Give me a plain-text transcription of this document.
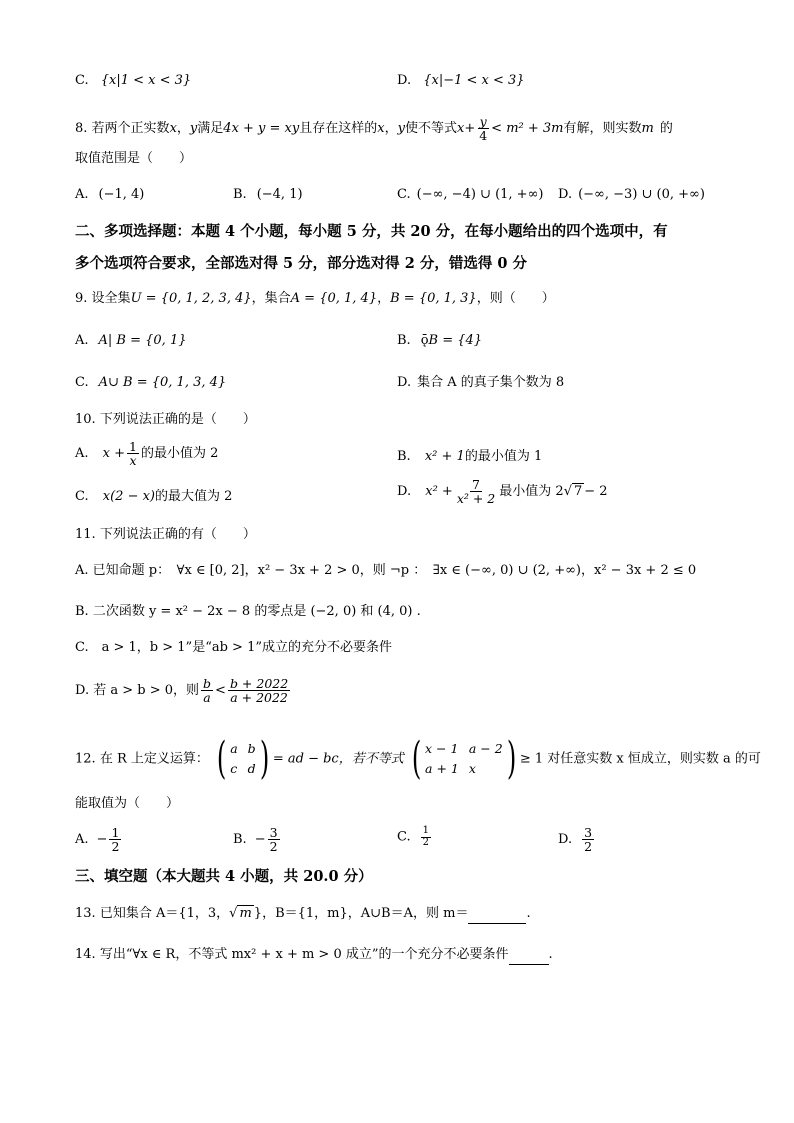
C. {x|1 < x < 3}	D. {x|−1 < x < 3}
8. 若两个正实数x，y满足4x + y = xy且存在这样的x，y使不等式$x+ \frac{y}{4} < m^2 + 3m$有解，则实数m 的
取值范围是（　　）
A. (−1, 4)	B. (−4, 1)	C. (−∞, −4) ∪ (1, +∞) D. (−∞, −3) ∪ (0, +∞)
二、多项选择题：本题 4 个小题，每小题 5 分，共 20 分，在每小题给出的四个选项中，有
多个选项符合要求，全部选对得 5 分，部分选对得 2 分，错选得 0 分
9. 设全集U = {0, 1, 2, 3, 4}，集合A = {0, 1, 4}，B = {0, 1, 3}，则（　　）
A. A| B = {0, 1}	B. ǭB = {4}
C. A∪ B = {0, 1, 3, 4}	D. 集合 A 的真子集个数为 8
10. 下列说法正确的是（　　）
A. $x + \frac{1}{x}$ 的最小值为 2	B. x² + 1的最小值为 1
C. x(2 − x)的最大值为 2	D. $x^2 + \frac{7}{\text{x² + 2}}$ 最小值为 2√ 7 − 2
11. 下列说法正确的有（　　）
A. 已知命题 p：　∀x ∈ [0, 2]，x² − 3x + 2 > 0，则 ¬p ：　∃x ∈ (−∞, 0) ∪ (2, +∞)，x² − 3x + 2 ≤ 0
B. 二次函数 y = x² − 2x − 8 的零点是 (−2, 0) 和 (4, 0) .
C.　a > 1，b > 1”是“ab > 1”成立的充分不必要条件
D. 若 a > b > 0，则 $\frac{b}{a} < \frac{b + 2022}{a + 2022}$
12. 在 R 上定义运算： ( a b
c d ) = ad − bc，若不等式 ( x − 1 a − 2
a + 1 x ) ≥ 1 对任意实数 x 恒成立，则实数 a 的可
能取值为（　　）
A. − $\frac{1}{2}$	B. − $\frac{3}{2}$	C. $\frac{1}{2}$	D. $\frac{3}{2}$
三、填空题（本大题共 4 小题，共 20.0 分）
13. 已知集合 A＝{1，3，√ m }，B＝{1，m}，A∪B＝A，则 m＝	.
14. 写出“∀x ∈ R，不等式 mx² + x + m > 0 成立”的一个充分不必要条件	.
